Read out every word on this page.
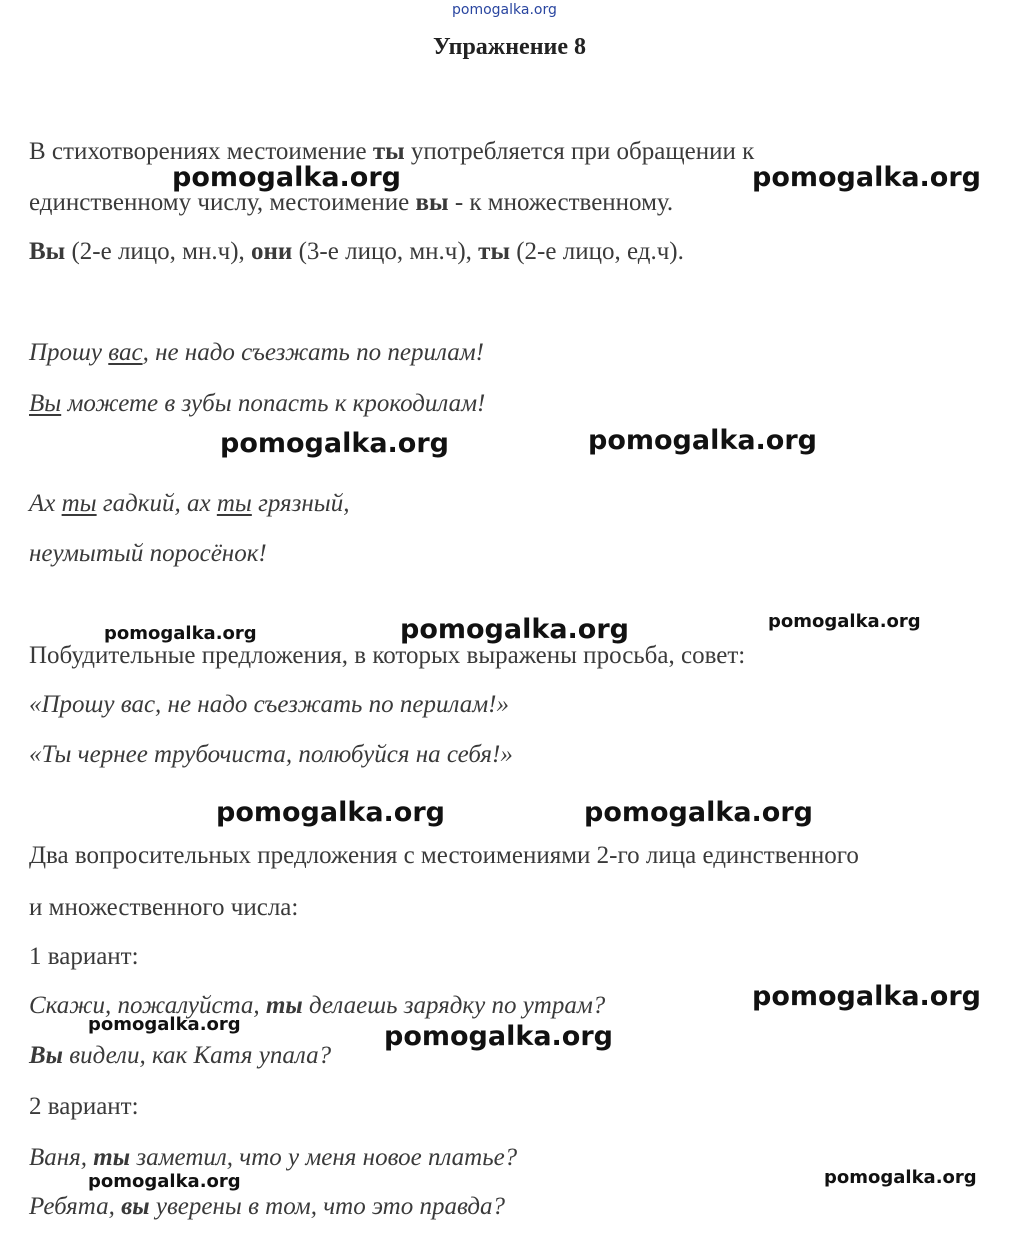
pomogalka.org
pomogalka.org	pomogalka.org
pomogalka.org	pomogalka.org
pomogalka.org	pomogalka.org	pomogalka.org
pomogalka.org	pomogalka.org
pomogalka.org
pomogalka.org	pomogalka.org
pomogalka.org
pomogalka.org
Упражнение 8
В стихотворениях местоимение ты употребляется при обращении к
единственному числу, местоимение вы - к множественному.
Вы (2-е лицо, мн.ч), они (3-е лицо, мн.ч), ты (2-е лицо, ед.ч).
Прошу вас, не надо съезжать по перилам!
Вы можете в зубы попасть к крокодилам!
Ах ты гадкий, ах ты грязный,
неумытый поросёнок!
Побудительные предложения, в которых выражены просьба, совет:
«Прошу вас, не надо съезжать по перилам!»
«Ты чернее трубочиста, полюбуйся на себя!»
Два вопросительных предложения с местоимениями 2-го лица единственного
и множественного числа:
1 вариант:
Скажи, пожалуйста, ты делаешь зарядку по утрам?
Вы видели, как Катя упала?
2 вариант:
Ваня, ты заметил, что у меня новое платье?
Ребята, вы уверены в том, что это правда?
